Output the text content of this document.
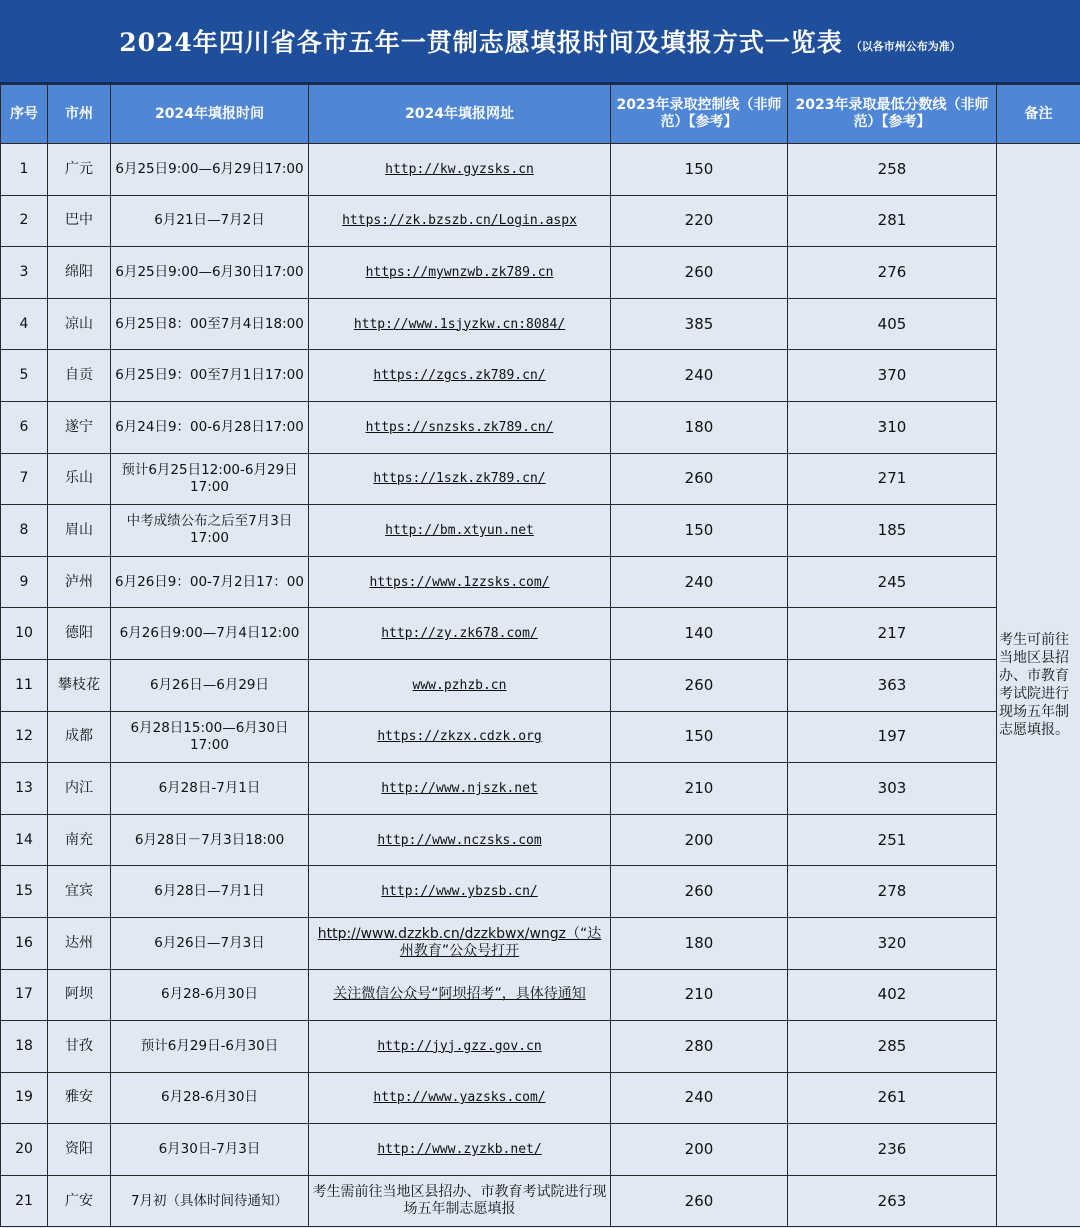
2024年四川省各市五年一贯制志愿填报时间及填报方式一览表 （以各市州公布为准）
序号	市州	2024年填报时间	2024年填报网址	2023年录取控制线（非师范）【参考】	2023年录取最低分数线（非师范）【参考】	备注
1	广元	6月25日9:00—6月29日17:00	http://kw.gyzsks.cn	150	258	考生可前往当地区县招办、市教育考试院进行现场五年制志愿填报。
2	巴中	6月21日—7月2日	https://zk.bzszb.cn/Login.aspx	220	281	
3	绵阳	6月25日9:00—6月30日17:00	https://mywnzwb.zk789.cn	260	276	
4	凉山	6月25日8：00至7月4日18:00	http://www.1sjyzkw.cn:8084/	385	405	
5	自贡	6月25日9：00至7月1日17:00	https://zgcs.zk789.cn/	240	370	
6	遂宁	6月24日9：00-6月28日17:00	https://snzsks.zk789.cn/	180	310	
7	乐山	预计6月25日12:00-6月29日17:00	https://1szk.zk789.cn/	260	271	
8	眉山	中考成绩公布之后至7月3日17:00	http://bm.xtyun.net	150	185	
9	泸州	6月26日9：00-7月2日17：00	https://www.1zzsks.com/	240	245	
10	德阳	6月26日9:00—7月4日12:00	http://zy.zk678.com/	140	217	
11	攀枝花	6月26日—6月29日	www.pzhzb.cn	260	363	
12	成都	6月28日15:00—6月30日17:00	https://zkzx.cdzk.org	150	197	
13	内江	6月28日-7月1日	http://www.njszk.net	210	303	
14	南充	6月28日－7月3日18:00	http://www.nczsks.com	200	251	
15	宜宾	6月28日—7月1日	http://www.ybzsb.cn/	260	278	
16	达州	6月26日—7月3日	http://www.dzzkb.cn/dzzkbwx/wngz（“达州教育”公众号打开	180	320	
17	阿坝	6月28-6月30日	关注微信公众号“阿坝招考”，具体待通知	210	402	
18	甘孜	预计6月29日-6月30日	http://jyj.gzz.gov.cn	280	285	
19	雅安	6月28-6月30日	http://www.yazsks.com/	240	261	
20	资阳	6月30日-7月3日	http://www.zyzkb.net/	200	236	
21	广安	7月初（具体时间待通知）	考生需前往当地区县招办、市教育考试院进行现场五年制志愿填报	260	263	
